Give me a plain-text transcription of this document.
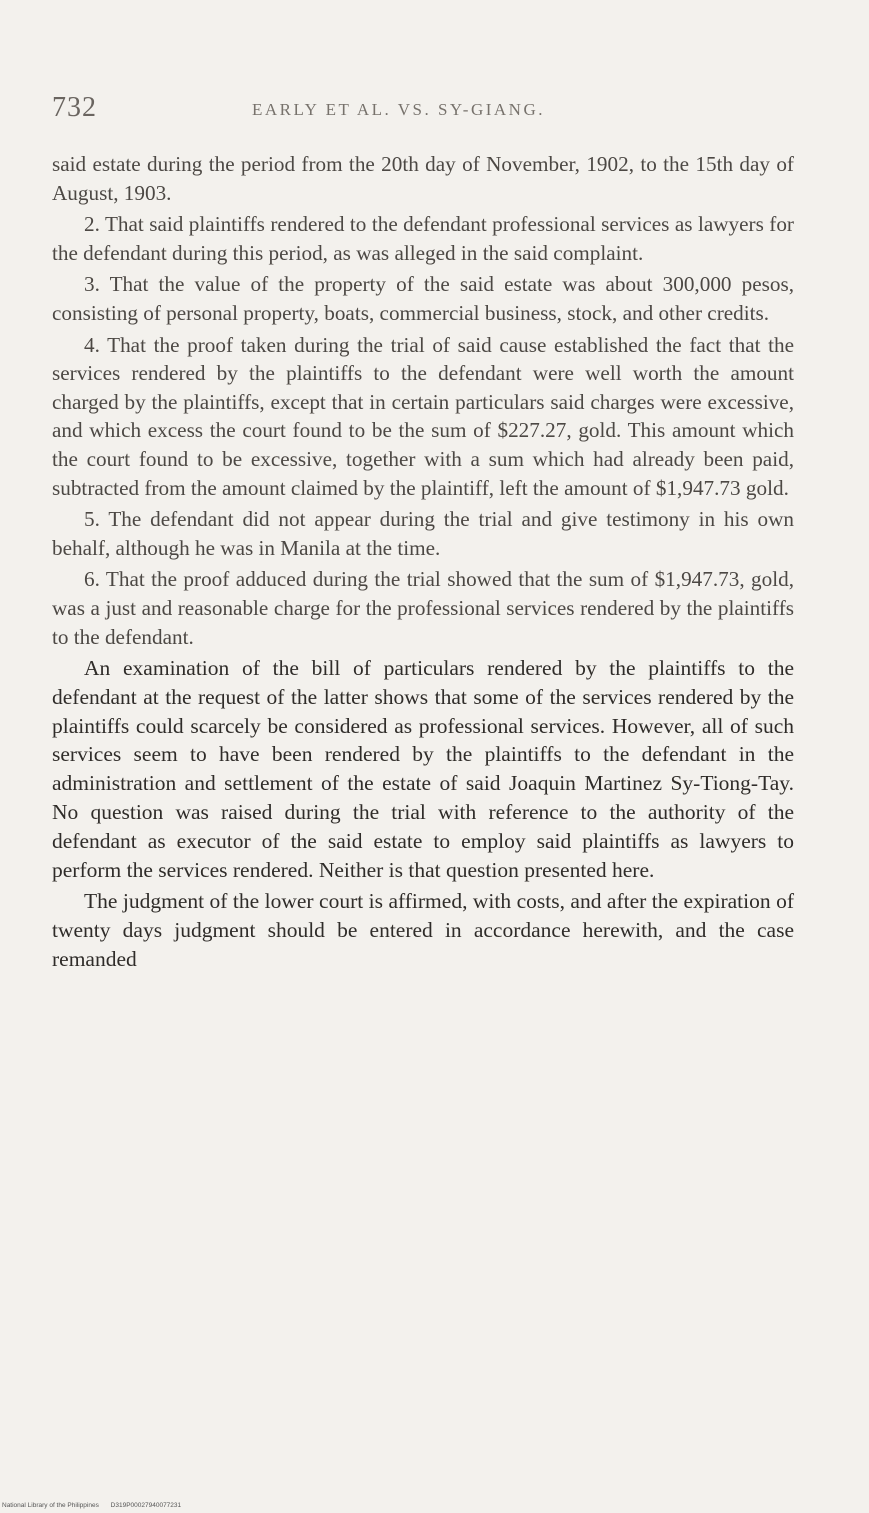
732	EARLY ET AL. VS. SY-GIANG.

said estate during the period from the 20th day of November, 1902, to the 15th day of August, 1903.

2. That said plaintiffs rendered to the defendant professional services as lawyers for the defendant during this period, as was alleged in the said complaint.

3. That the value of the property of the said estate was about 300,000 pesos, consisting of personal property, boats, commercial business, stock, and other credits.

4. That the proof taken during the trial of said cause established the fact that the services rendered by the plaintiffs to the defendant were well worth the amount charged by the plaintiffs, except that in certain particulars said charges were excessive, and which excess the court found to be the sum of $227.27, gold. This amount which the court found to be excessive, together with a sum which had already been paid, subtracted from the amount claimed by the plaintiff, left the amount of $1,947.73 gold.

5. The defendant did not appear during the trial and give testimony in his own behalf, although he was in Manila at the time.

6. That the proof adduced during the trial showed that the sum of $1,947.73, gold, was a just and reasonable charge for the professional services rendered by the plaintiffs to the defendant.

An examination of the bill of particulars rendered by the plaintiffs to the defendant at the request of the latter shows that some of the services rendered by the plaintiffs could scarcely be considered as professional services. However, all of such services seem to have been rendered by the plaintiffs to the defendant in the administration and settlement of the estate of said Joaquin Martinez Sy-Tiong-Tay. No question was raised during the trial with reference to the authority of the defendant as executor of the said estate to employ said plaintiffs as lawyers to perform the services rendered. Neither is that question presented here.

The judgment of the lower court is affirmed, with costs, and after the expiration of twenty days judgment should be entered in accordance herewith, and the case remanded

National Library of the Philippines D319P00027940077231
